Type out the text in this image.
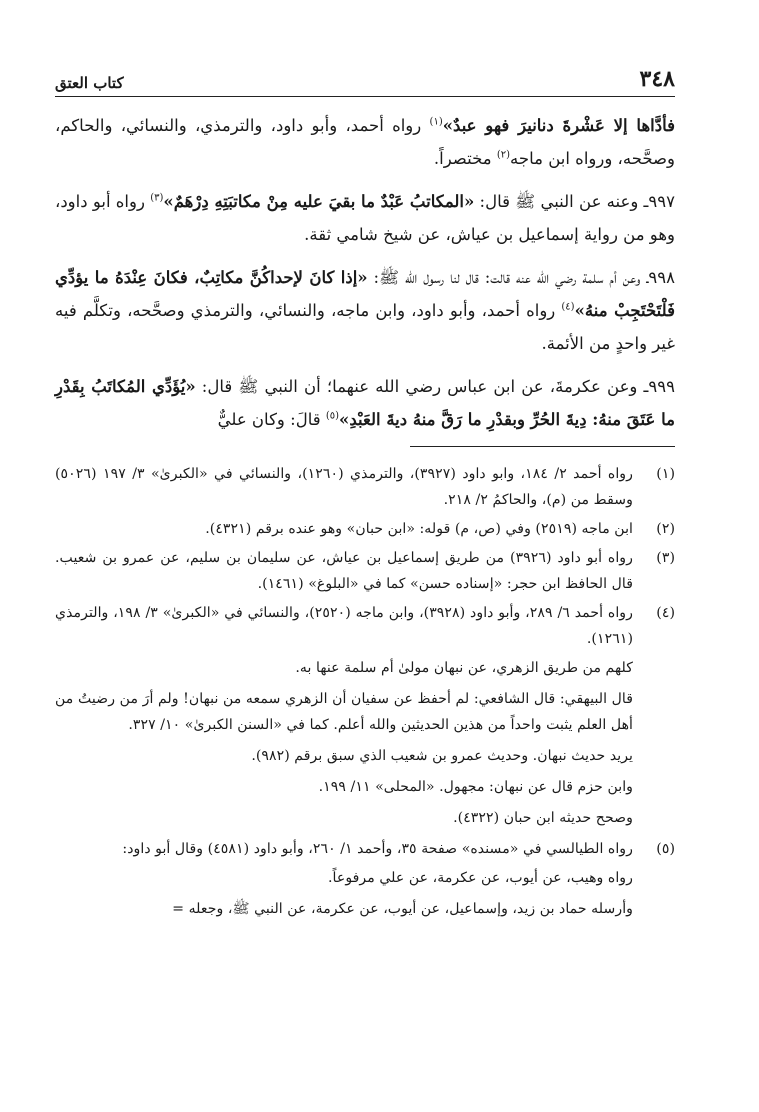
٣٤٨
كتاب العتق

فأدَّاها إلا عَشْرةَ دنانيرَ فهو عبدٌ»$^{(١)}$ رواه أحمد، وأبو داود، والترمذي، والنسائي، والحاكم، وصحَّحه، ورواه ابن ماجه$^{(٢)}$ مختصراً.

٩٩٧ـ وعنه عن النبي ﷺ قال: «المكاتبُ عَبْدٌ ما بقيَ عليه مِنْ مكاتبَتِهِ دِرْهَمٌ»$^{(٣)}$ رواه أبو داود، وهو من رواية إسماعيل بن عياش، عن شيخ شامي ثقة.

٩٩٨ـ وعن أم سلمة رضي الله عنه قالت: قال لنا رسول الله ﷺ: «إذا كانَ لإحداكُنَّ مكاتِبٌ، فكانَ عِنْدَهُ ما يؤدِّي فَلْتَحْتَجِبْ منهُ»$^{(٤)}$ رواه أحمد، وأبو داود، وابن ماجه، والنسائي، والترمذي وصحَّحه، وتكلَّم فيه غير واحدٍ من الأئمة.

٩٩٩ـ وعن عكرمةَ، عن ابن عباس رضي الله عنهما؛ أن النبي ﷺ قال: «يُؤَدِّي المُكاتَبُ بِقَدْرِ ما عَتَقَ منهُ: دِيةَ الحُرِّ وبقدْرِ ما رَقَّ منهُ ديةَ العَبْدِ»$^{(٥)}$ قالَ: وكان عليٌّ

(١)
رواه أحمد ٢/ ١٨٤، وابو داود (٣٩٢٧)، والترمذي (١٢٦٠)، والنسائي في «الكبرىٰ» ٣/ ١٩٧ (٥٠٢٦) وسقط من (م)، والحاكمُ ٢/ ٢١٨.
(٢)
ابن ماجه (٢٥١٩) وفي (ص، م) قوله: «ابن حبان» وهو عنده برقم (٤٣٢١).
(٣)
رواه أبو داود (٣٩٢٦) من طريق إسماعيل بن عياش، عن سليمان بن سليم، عن عمرو بن شعيب. قال الحافظ ابن حجر: «إسناده حسن» كما في «البلوغ» (١٤٦١).
(٤)
رواه أحمد ٦/ ٢٨٩، وأبو داود (٣٩٢٨)، وابن ماجه (٢٥٢٠)، والنسائي في «الكبرىٰ» ٣/ ١٩٨، والترمذي (١٢٦١).
كلهم من طريق الزهري، عن نبهان مولىٰ أم سلمة عنها به.
قال البيهقي: قال الشافعي: لم أحفظ عن سفيان أن الزهري سمعه من نبهان! ولم أرَ من رضيتُ من أهل العلم يثبت واحداً من هذين الحديثين والله أعلم. كما في «السنن الكبرىٰ» ١٠/ ٣٢٧.
يريد حديث نبهان. وحديث عمرو بن شعيب الذي سبق برقم (٩٨٢).
وابن حزم قال عن نبهان: مجهول. «المحلى» ١١/ ١٩٩.
وصحح حديثه ابن حبان (٤٣٢٢).
(٥)
رواه الطيالسي في «مسنده» صفحة ٣٥، وأحمد ١/ ٢٦٠، وأبو داود (٤٥٨١) وقال أبو داود:
رواه وهيب، عن أيوب، عن عكرمة، عن علي مرفوعاً.
وأرسله حماد بن زيد، وإسماعيل، عن أيوب، عن عكرمة، عن النبي ﷺ، وجعله =
